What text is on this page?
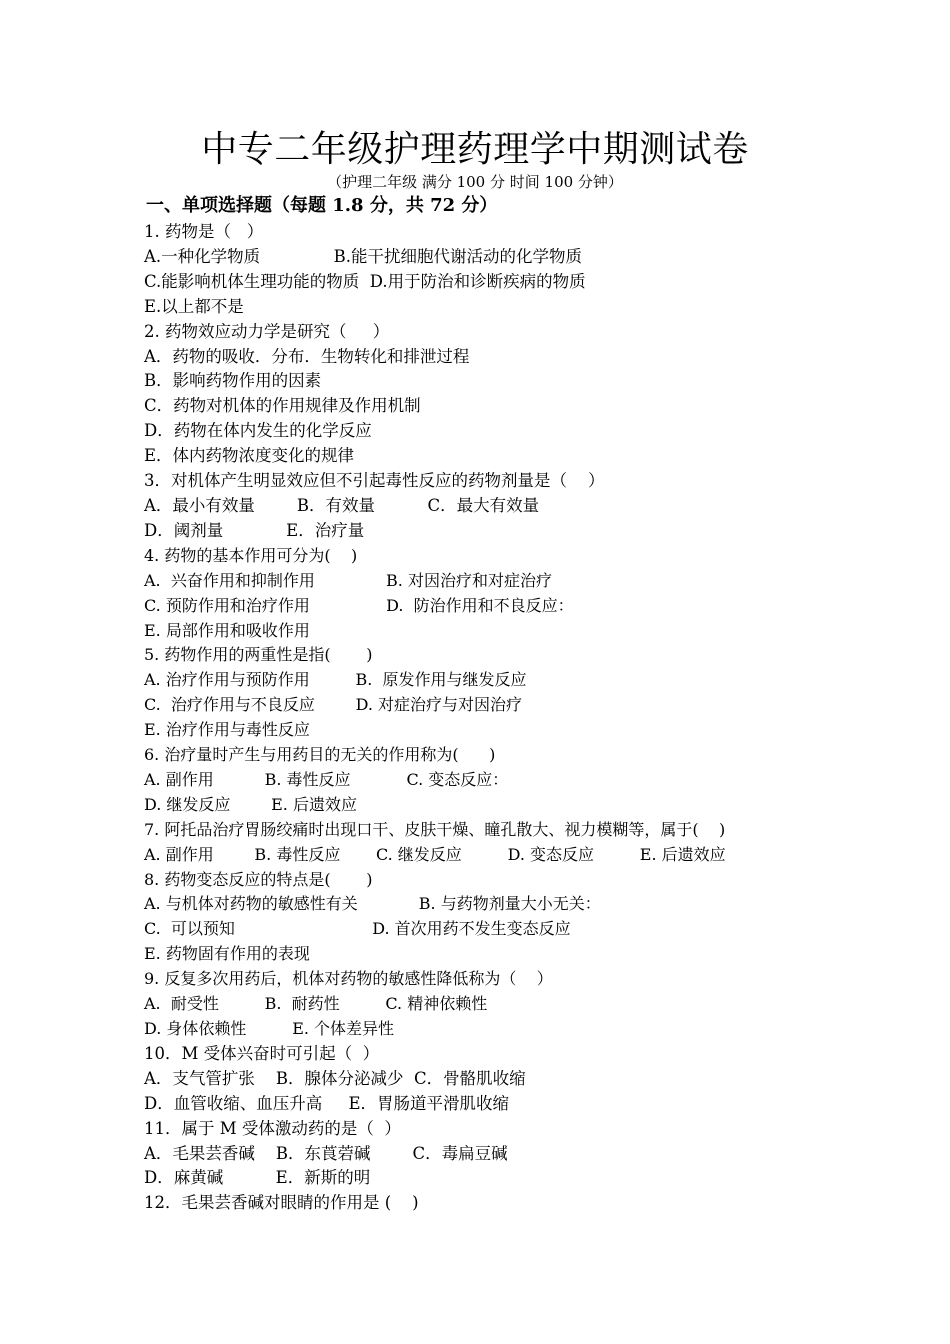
中专二年级护理药理学中期测试卷
（护理二年级 满分 100 分 时间 100 分钟）
一、单项选择题（每题 1.8 分，共 72 分）
1. 药物是（   ）
A.一种化学物质              B.能干扰细胞代谢活动的化学物质
C.能影响机体生理功能的物质  D.用于防治和诊断疾病的物质
E.以上都不是
2. 药物效应动力学是研究（     ）
A．药物的吸收．分布．生物转化和排泄过程
B．影响药物作用的因素
C．药物对机体的作用规律及作用机制
D．药物在体内发生的化学反应
E．体内药物浓度变化的规律
3．对机体产生明显效应但不引起毒性反应的药物剂量是（    ）
A．最小有效量        B．有效量          C．最大有效量
D．阈剂量            E．治疗量
4. 药物的基本作用可分为(    )
A.  兴奋作用和抑制作用              B. 对因治疗和对症治疗
C. 预防作用和治疗作用               D.  防治作用和不良反应：
E. 局部作用和吸收作用
5. 药物作用的两重性是指(       )
A. 治疗作用与预防作用         B.  原发作用与继发反应
C.  治疗作用与不良反应        D. 对症治疗与对因治疗
E. 治疗作用与毒性反应
6. 治疗量时产生与用药目的无关的作用称为(      )
A. 副作用          B. 毒性反应           C. 变态反应：
D. 继发反应        E. 后遗效应
7. 阿托品治疗胃肠绞痛时出现口干、皮肤干燥、瞳孔散大、视力模糊等，属于(    )
A. 副作用        B. 毒性反应       C. 继发反应         D. 变态反应         E. 后遗效应
8. 药物变态反应的特点是(       )
A. 与机体对药物的敏感性有关            B. 与药物剂量大小无关：
C.  可以预知                           D. 首次用药不发生变态反应
E. 药物固有作用的表现
9. 反复多次用药后，机体对药物的敏感性降低称为（    ）
A.  耐受性         B.  耐药性         C. 精神依赖性
D. 身体依赖性         E. 个体差异性
10．M 受体兴奋时可引起（  ）
A．支气管扩张    B．腺体分泌减少  C．骨骼肌收缩
D．血管收缩、血压升高     E．胃肠道平滑肌收缩
11．属于 M 受体激动药的是（  ）
A．毛果芸香碱    B．东莨菪碱        C．毒扁豆碱
D．麻黄碱          E．新斯的明
12．毛果芸香碱对眼睛的作用是 (    )
